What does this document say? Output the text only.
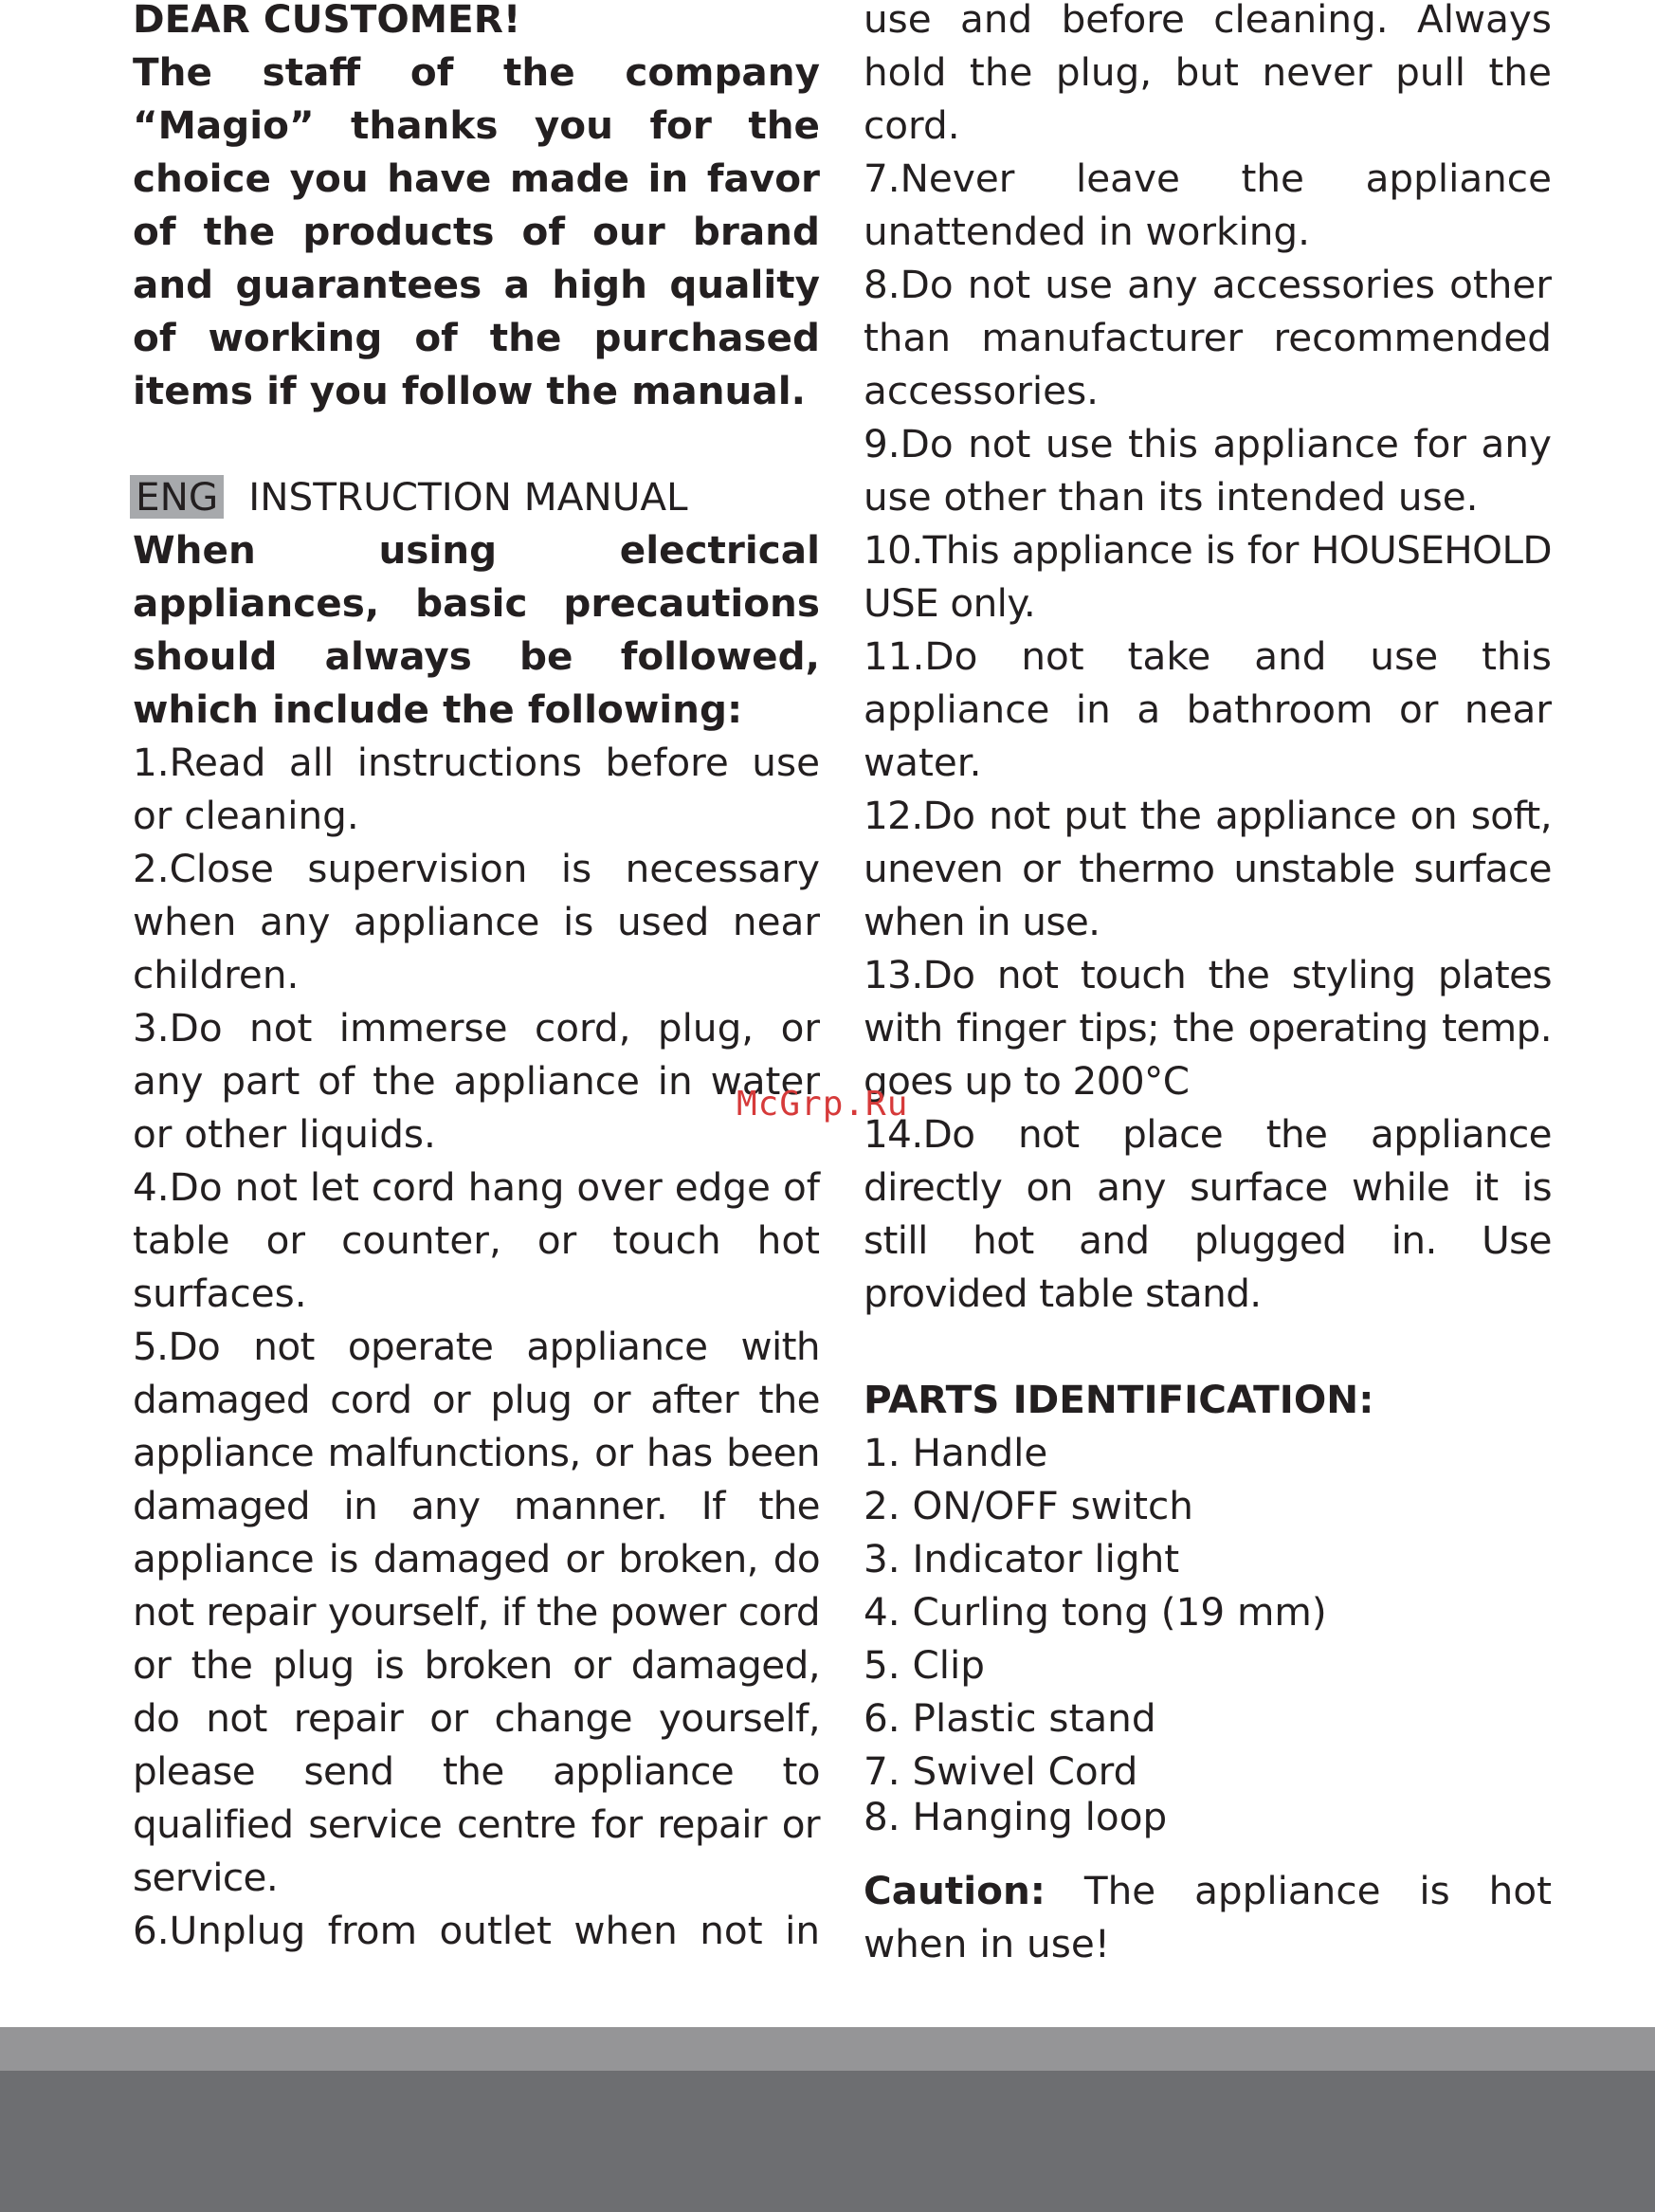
DEAR CUSTOMER!

The staff of the company “Magio” thanks you for the choice you have made in favor of the products of our brand and guarantees a high quality of working of the purchased items if you follow the manual.

ENG INSTRUCTION MANUAL

When using electrical appliances, basic precautions should always be followed, which include the following:

1.Read all instructions before use or cleaning.

2.Close supervision is necessary when any appliance is used near children.

3.Do not immerse cord, plug, or any part of the appliance in water or other liquids.

4.Do not let cord hang over edge of table or counter, or touch hot surfaces.

5.Do not operate appliance with damaged cord or plug or after the appliance malfunctions, or has been damaged in any manner. If the appliance is damaged or broken, do not repair yourself, if the power cord or the plug is broken or damaged, do not repair or change yourself, please send the appliance to qualified service centre for repair or service.

6.Unplug from outlet when not in

use and before cleaning. Always hold the plug, but never pull the cord.

7.Never leave the appliance unattended in working.

8.Do not use any accessories other than manufacturer recommended accessories.

9.Do not use this appliance for any use other than its intended use.

10.This appliance is for HOUSEHOLD USE only.

11.Do not take and use this appliance in a bathroom or near water.

12.Do not put the appliance on soft, uneven or thermo unstable surface when in use.

13.Do not touch the styling plates with finger tips; the operating temp. goes up to 200°C

14.Do not place the appliance directly on any surface while it is still hot and plugged in. Use provided table stand.

PARTS IDENTIFICATION:

1. Handle

2. ON/OFF switch

3. Indicator light

4. Curling tong (19 mm)

5. Clip

6. Plastic stand

7. Swivel Cord

8. Hanging loop

Caution: The appliance is hot when in use!

McGrp.Ru
